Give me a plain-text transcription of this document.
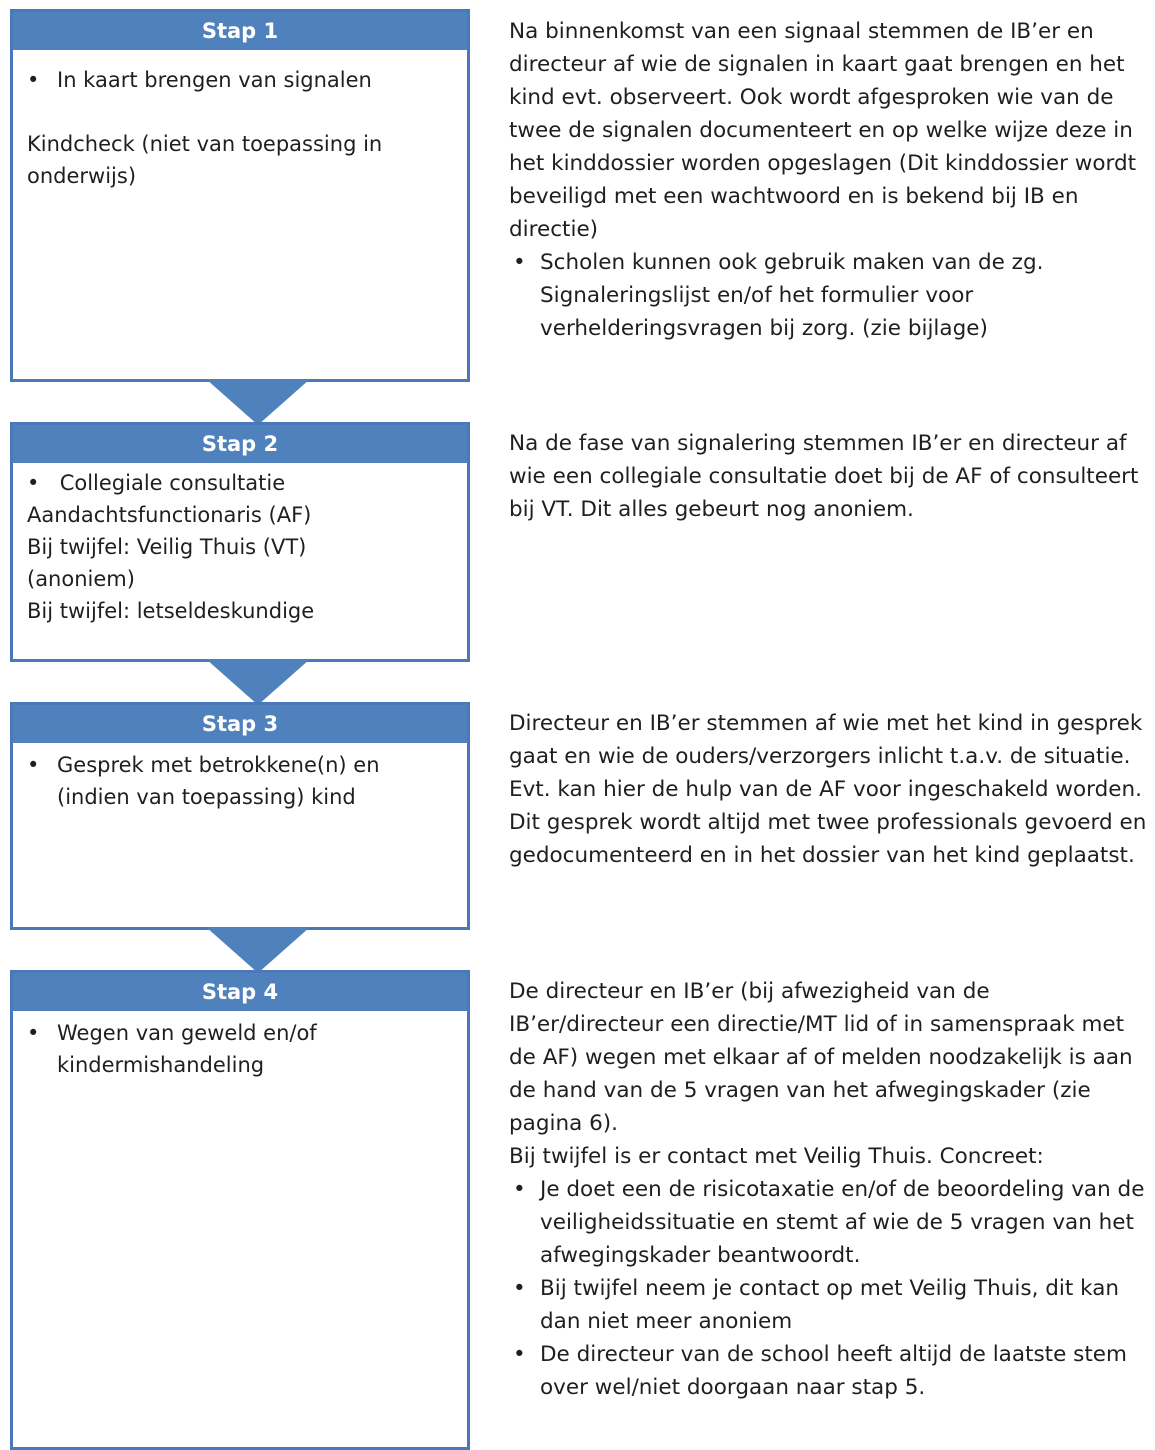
Stap 1
• In kaart brengen van signalen
Kindcheck (niet van toepassing in
onderwijs)
Stap 2
• Collegiale consultatie
Aandachtsfunctionaris (AF)
Bij twijfel: Veilig Thuis (VT)
(anoniem)
Bij twijfel: letseldeskundige
Stap 3
• Gesprek met betrokkene(n) en (indien van toepassing) kind
Stap 4
• Wegen van geweld en/of kindermishandeling

Na binnenkomst van een signaal stemmen de IB’er en directeur af wie de signalen in kaart gaat brengen en het kind evt. observeert. Ook wordt afgesproken wie van de twee de signalen documenteert en op welke wijze deze in het kinddossier worden opgeslagen (Dit kinddossier wordt beveiligd met een wachtwoord en is bekend bij IB en directie)

• Scholen kunnen ook gebruik maken van de zg. Signaleringslijst en/of het formulier voor verhelderingsvragen bij zorg. (zie bijlage)

Na de fase van signalering stemmen IB’er en directeur af wie een collegiale consultatie doet bij de AF of consulteert bij VT. Dit alles gebeurt nog anoniem.

Directeur en IB’er stemmen af wie met het kind in gesprek gaat en wie de ouders/verzorgers inlicht t.a.v. de situatie. Evt. kan hier de hulp van de AF voor ingeschakeld worden. Dit gesprek wordt altijd met twee professionals gevoerd en gedocumenteerd en in het dossier van het kind geplaatst.

De directeur en IB’er (bij afwezigheid van de IB’er/directeur een directie/MT lid of in samenspraak met de AF) wegen met elkaar af of melden noodzakelijk is aan de hand van de 5 vragen van het afwegingskader (zie pagina 6).

Bij twijfel is er contact met Veilig Thuis. Concreet:

• Je doet een de risicotaxatie en/of de beoordeling van de veiligheidssituatie en stemt af wie de 5 vragen van het afwegingskader beantwoordt.
• Bij twijfel neem je contact op met Veilig Thuis, dit kan dan niet meer anoniem
• De directeur van de school heeft altijd de laatste stem over wel/niet doorgaan naar stap 5.
